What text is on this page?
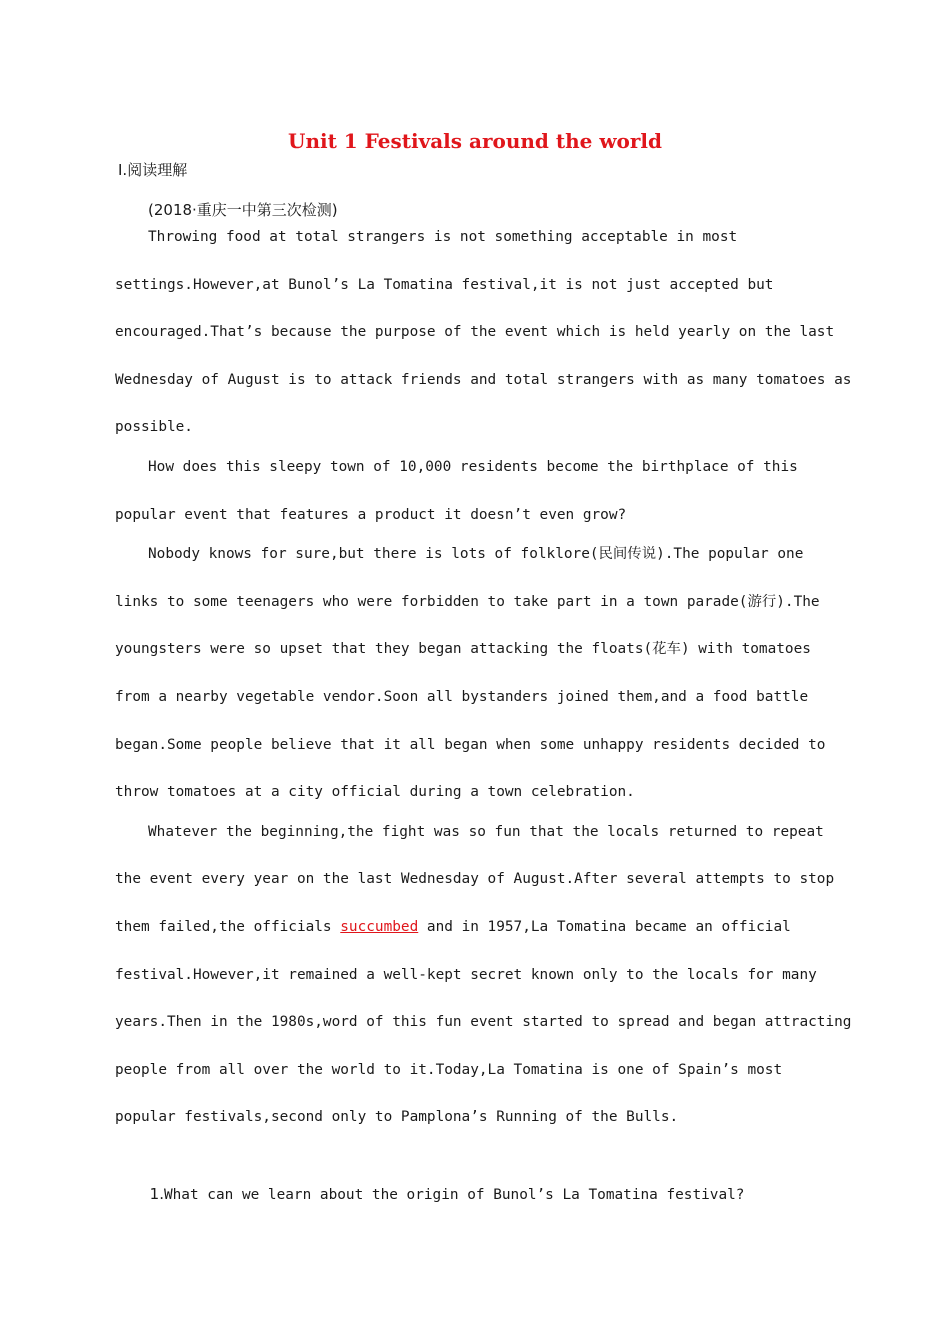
Unit 1 Festivals around the world
Ⅰ.阅读理解
(2018·重庆一中第三次检测)
Throwing food at total strangers is not something acceptable in most
settings.However,at Bunol’s La Tomatina festival,it is not just accepted but
encouraged.That’s because the purpose of the event which is held yearly on the last
Wednesday of August is to attack friends and total strangers with as many tomatoes as
possible.
How does this sleepy town of 10,000 residents become the birthplace of this
popular event that features a product it doesn’t even grow?
Nobody knows for sure,but there is lots of folklore(民间传说).The popular one
links to some teenagers who were forbidden to take part in a town parade(游行).The
youngsters were so upset that they began attacking the floats(花车) with tomatoes
from a nearby vegetable vendor.Soon all bystanders joined them,and a food battle
began.Some people believe that it all began when some unhappy residents decided to
throw tomatoes at a city official during a town celebration.
Whatever the beginning,the fight was so fun that the locals returned to repeat
the event every year on the last Wednesday of August.After several attempts to stop
them failed,the officials succumbed and in 1957,La Tomatina became an official
festival.However,it remained a well-kept secret known only to the locals for many
years.Then in the 1980s,word of this fun event started to spread and began attracting
people from all over the world to it.Today,La Tomatina is one of Spain’s most
popular festivals,second only to Pamplona’s Running of the Bulls.

1.What can we learn about the origin of Bunol’s La Tomatina festival?
